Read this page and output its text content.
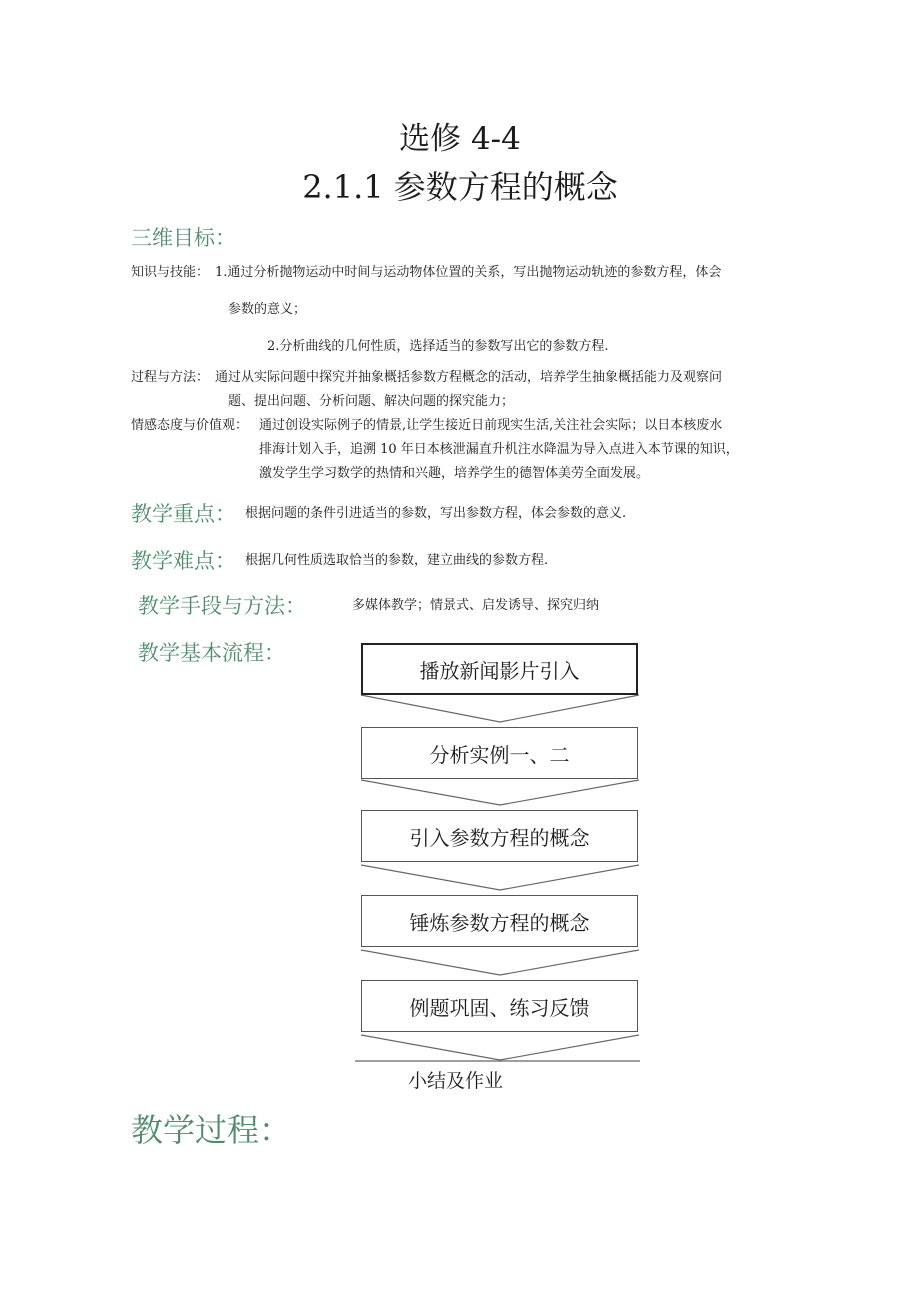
选修 4-4
2.1.1 参数方程的概念
三维目标：
知识与技能： 1.通过分析抛物运动中时间与运动物体位置的关系，写出抛物运动轨迹的参数方程，体会
参数的意义；
2.分析曲线的几何性质，选择适当的参数写出它的参数方程.
过程与方法： 通过从实际问题中探究并抽象概括参数方程概念的活动，培养学生抽象概括能力及观察问
题、提出问题、分析问题、解决问题的探究能力；
情感态度与价值观： 通过创设实际例子的情景,让学生接近日前现实生活,关注社会实际；以日本核废水
排海计划入手，追溯 10 年日本核泄漏直升机注水降温为导入点进入本节课的知识，
激发学生学习数学的热情和兴趣，培养学生的德智体美劳全面发展。
教学重点： 根据问题的条件引进适当的参数，写出参数方程，体会参数的意义.
教学难点： 根据几何性质选取恰当的参数，建立曲线的参数方程.
教学手段与方法：	多媒体教学；情景式、启发诱导、探究归纳
教学基本流程：
播放新闻影片引入
分析实例一、二
引入参数方程的概念
锤炼参数方程的概念
例题巩固、练习反馈
小结及作业
教学过程：
